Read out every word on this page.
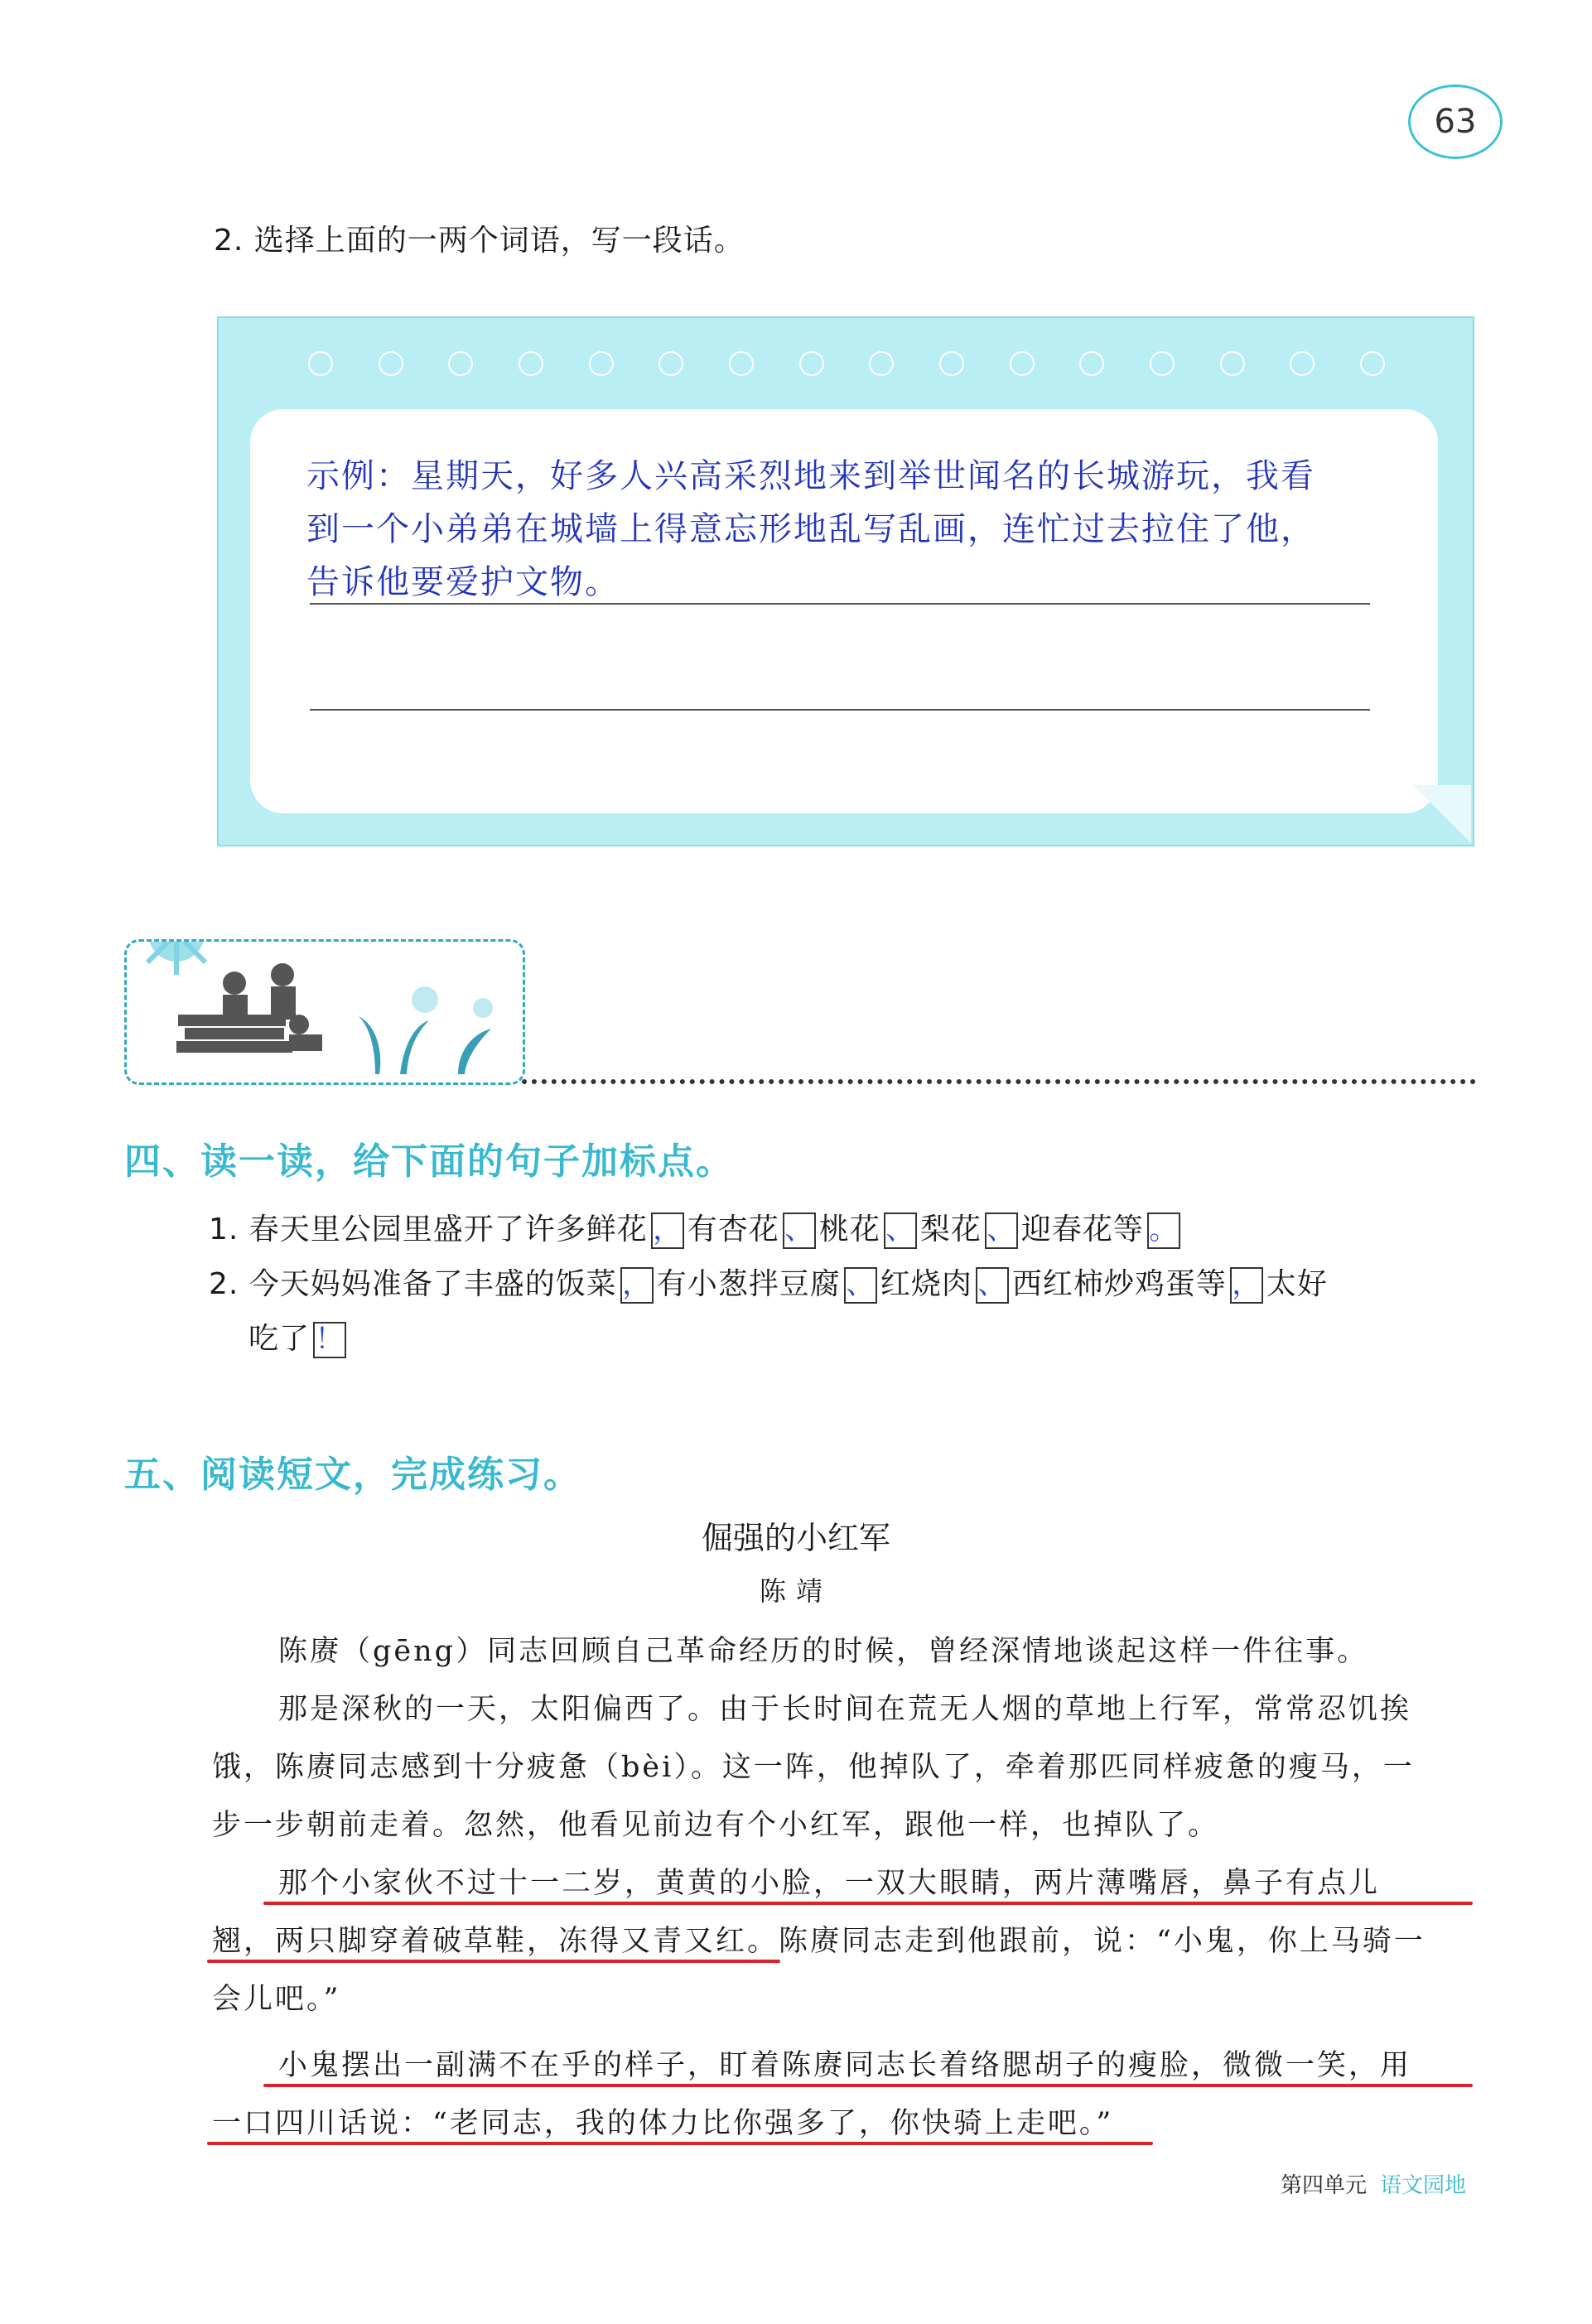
63
2. 选择上面的一两个词语，写一段话。
示例：星期天，好多人兴高采烈地来到举世闻名的长城游玩，我看
到一个小弟弟在城墙上得意忘形地乱写乱画，连忙过去拉住了他，
告诉他要爱护文物。
四、读一读，给下面的句子加标点。
1. 春天里公园里盛开了许多鲜花 ， 有杏花 、 桃花 、 梨花 、 迎春花等 。
2. 今天妈妈准备了丰盛的饭菜 ， 有小葱拌豆腐 、 红烧肉 、 西红柿炒鸡蛋等 ， 太好
吃了 ！
五、阅读短文，完成练习。
倔强的小红军
陈靖
陈赓（gēng）同志回顾自己革命经历的时候，曾经深情地谈起这样一件往事。
那是深秋的一天，太阳偏西了。由于长时间在荒无人烟的草地上行军，常常忍饥挨
饿，陈赓同志感到十分疲惫（bèi）。这一阵，他掉队了，牵着那匹同样疲惫的瘦马，一
步一步朝前走着。忽然，他看见前边有个小红军，跟他一样，也掉队了。
那个小家伙不过十一二岁，黄黄的小脸，一双大眼睛，两片薄嘴唇，鼻子有点儿
翘，两只脚穿着破草鞋，冻得又青又红。陈赓同志走到他跟前，说：“小鬼，你上马骑一
会儿吧。”
小鬼摆出一副满不在乎的样子，盯着陈赓同志长着络腮胡子的瘦脸，微微一笑，用
一口四川话说：“老同志，我的体力比你强多了，你快骑上走吧。”
第四单元 语文园地
